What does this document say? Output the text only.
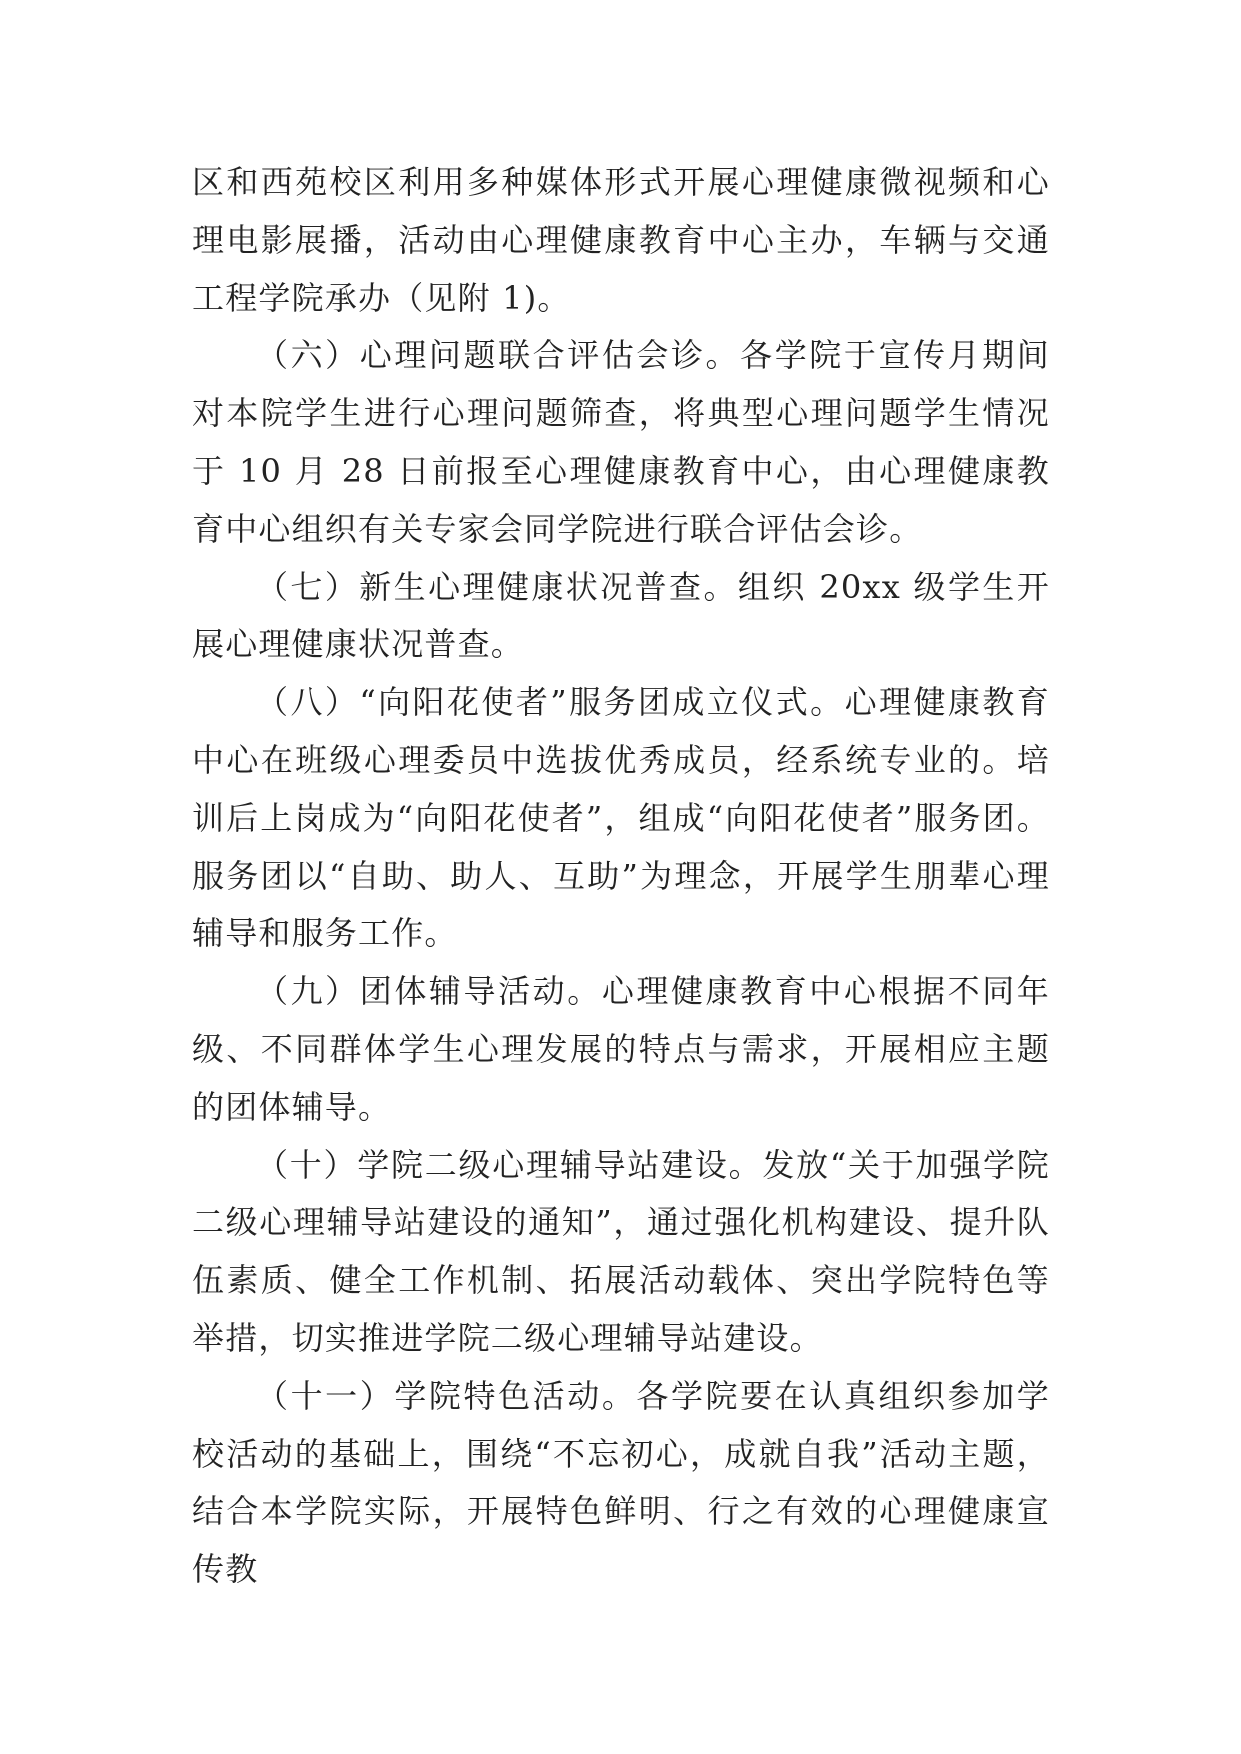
区和西苑校区利用多种媒体形式开展心理健康微视频和心理电影展播，活动由心理健康教育中心主办，车辆与交通工程学院承办（见附 1)。

（六）心理问题联合评估会诊。各学院于宣传月期间对本院学生进行心理问题筛查，将典型心理问题学生情况于 10 月 28 日前报至心理健康教育中心，由心理健康教育中心组织有关专家会同学院进行联合评估会诊。

（七）新生心理健康状况普查。组织 20xx 级学生开展心理健康状况普查。

（八）“向阳花使者”服务团成立仪式。心理健康教育中心在班级心理委员中选拔优秀成员，经系统专业的。培训后上岗成为“向阳花使者”，组成“向阳花使者”服务团。服务团以“自助、助人、互助”为理念，开展学生朋辈心理辅导和服务工作。

（九）团体辅导活动。心理健康教育中心根据不同年级、不同群体学生心理发展的特点与需求，开展相应主题的团体辅导。

（十）学院二级心理辅导站建设。发放“关于加强学院二级心理辅导站建设的通知”，通过强化机构建设、提升队伍素质、健全工作机制、拓展活动载体、突出学院特色等举措，切实推进学院二级心理辅导站建设。

（十一）学院特色活动。各学院要在认真组织参加学校活动的基础上，围绕“不忘初心，成就自我”活动主题，结合本学院实际，开展特色鲜明、行之有效的心理健康宣传教
